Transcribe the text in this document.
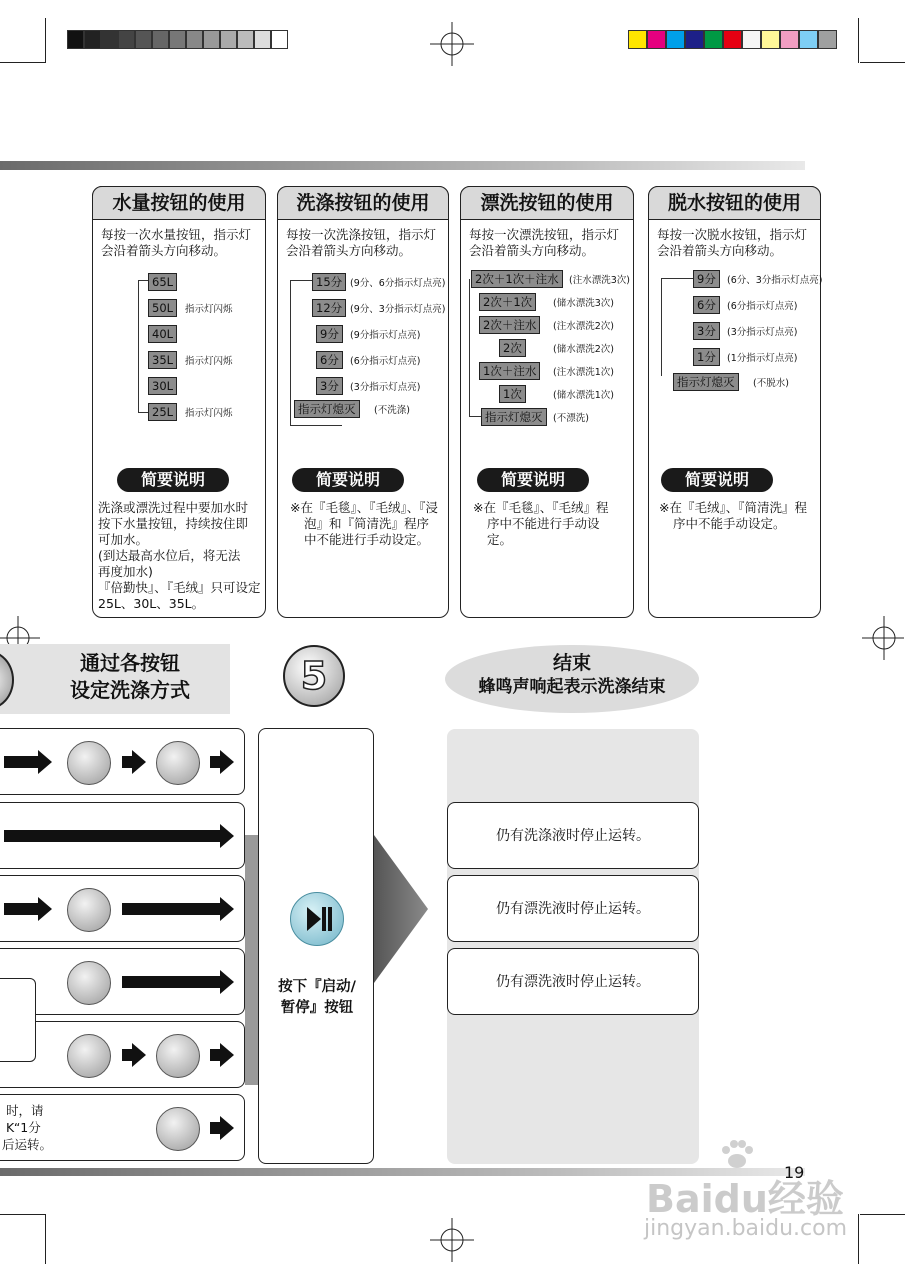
水量按钮的使用
每按一次水量按钮，指示灯会沿着箭头方向移动。
65L
50L
40L
35L
30L
25L
指示灯闪烁
指示灯闪烁
指示灯闪烁
简要说明
洗涤或漂洗过程中要加水时
按下水量按钮，持续按住即
可加水。
(到达最高水位后，将无法
再度加水)
『倍勤快』、『毛绒』只可设定
25L、30L、35L。
洗涤按钮的使用
每按一次洗涤按钮，指示灯会沿着箭头方向移动。
15分
12分
9分
6分
3分
指示灯熄灭
(9分、6分指示灯点亮)
(9分、3分指示灯点亮)
(9分指示灯点亮)
(6分指示灯点亮)
(3分指示灯点亮)
(不洗涤)
简要说明
※在『毛毯』、『毛绒』、『浸
泡』和『简清洗』程序
中不能进行手动设定。
漂洗按钮的使用
每按一次漂洗按钮，指示灯会沿着箭头方向移动。
2次＋1次＋注水
2次＋1次
2次＋注水
2次
1次＋注水
1次
指示灯熄灭
(注水漂洗3次)
(储水漂洗3次)
(注水漂洗2次)
(储水漂洗2次)
(注水漂洗1次)
(储水漂洗1次)
(不漂洗)
简要说明
※在『毛毯』、『毛绒』程
序中不能进行手动设
定。
脱水按钮的使用
每按一次脱水按钮，指示灯会沿着箭头方向移动。
9分
6分
3分
1分
指示灯熄灭
(6分、3分指示灯点亮)
(6分指示灯点亮)
(3分指示灯点亮)
(1分指示灯点亮)
(不脱水)
简要说明
※在『毛绒』、『简清洗』程
序中不能手动设定。
通过各按钮
设定洗涤方式	5	结束
蜂鸣声响起表示洗涤结束
时，请
K“1分
后运转。
按下『启动/
暂停』按钮
仍有洗涤液时停止运转。
仍有漂洗液时停止运转。
仍有漂洗液时停止运转。
19
Baidu经验
jingyan.baidu.com
